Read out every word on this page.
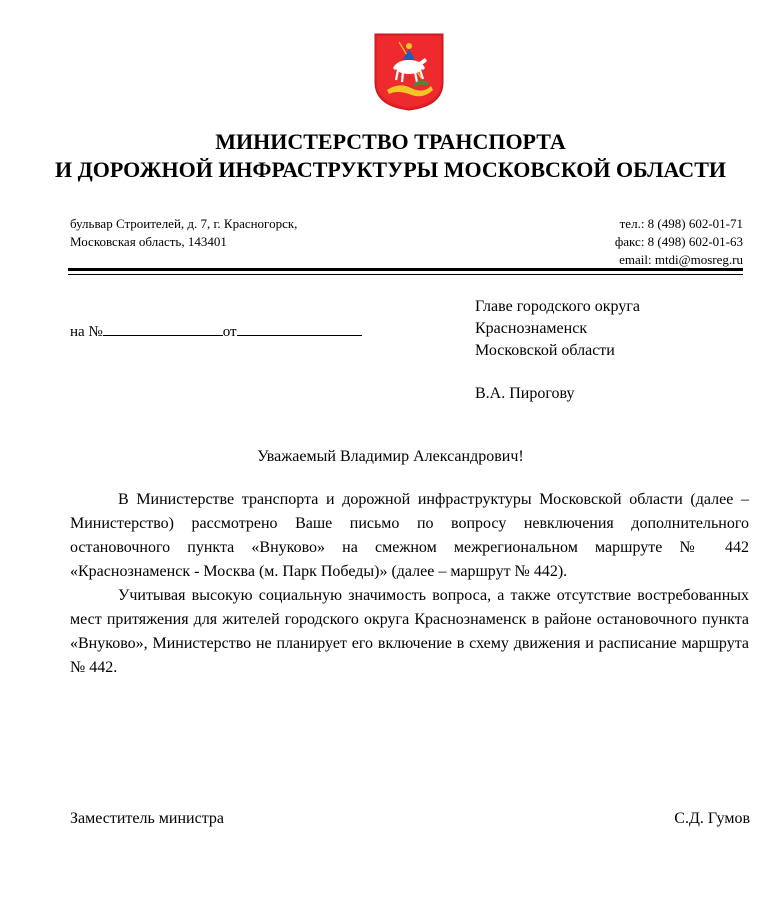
МИНИСТЕРСТВО ТРАНСПОРТА
И ДОРОЖНОЙ ИНФРАСТРУКТУРЫ МОСКОВСКОЙ ОБЛАСТИ
бульвар Строителей, д. 7, г. Красногорск,
Московская область, 143401
тел.: 8 (498) 602-01-71
факс: 8 (498) 602-01-63
email: mtdi@mosreg.ru
на №	от
Главе городского округа
Краснознаменск
Московской области
В.А. Пирогову
Уважаемый Владимир Александрович!

В Министерстве транспорта и дорожной инфраструктуры Московской области (далее – Министерство) рассмотрено Ваше письмо по вопросу невключения дополнительного остановочного пункта «Внуково» на смежном межрегиональном маршруте № 442 «Краснознаменск - Москва (м. Парк Победы)» (далее – маршрут № 442).

Учитывая высокую социальную значимость вопроса, а также отсутствие востребованных мест притяжения для жителей городского округа Краснознаменск в районе остановочного пункта «Внуково», Министерство не планирует его включение в схему движения и расписание маршрута № 442.

Заместитель министра	С.Д. Гумов
